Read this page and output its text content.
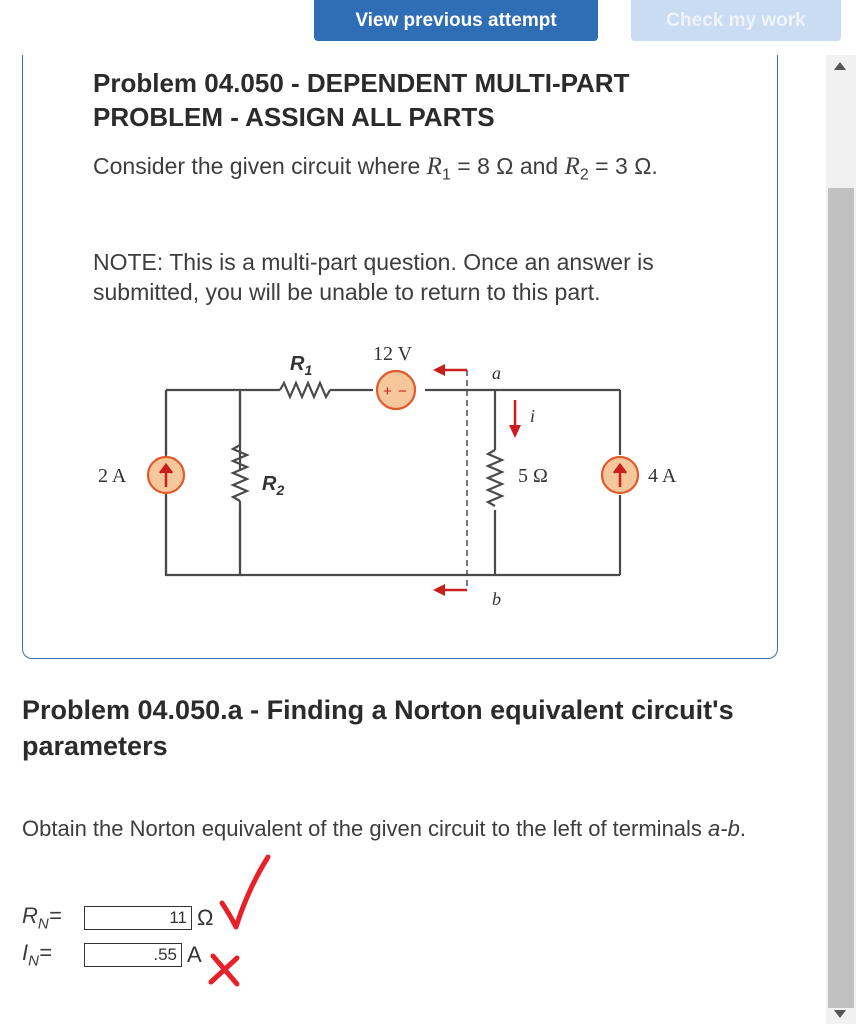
View previous attempt	Check my work
Problem 04.050 - DEPENDENT MULTI-PART PROBLEM - ASSIGN ALL PARTS
Consider the given circuit where $R_1 = 8$ Ω and $R_2 = 3$ Ω.
NOTE: This is a multi-part question. Once an answer is submitted, you will be unable to return to this part.
$R_1$
$R_2$
12 V
+ −
a
b
i
2 A	5 Ω	4 A
Problem 04.050.a - Finding a Norton equivalent circuit's parameters
Obtain the Norton equivalent of the given circuit to the left of terminals a-b.
$R_N=$	11 Ω
$I_N=$	.55 A
